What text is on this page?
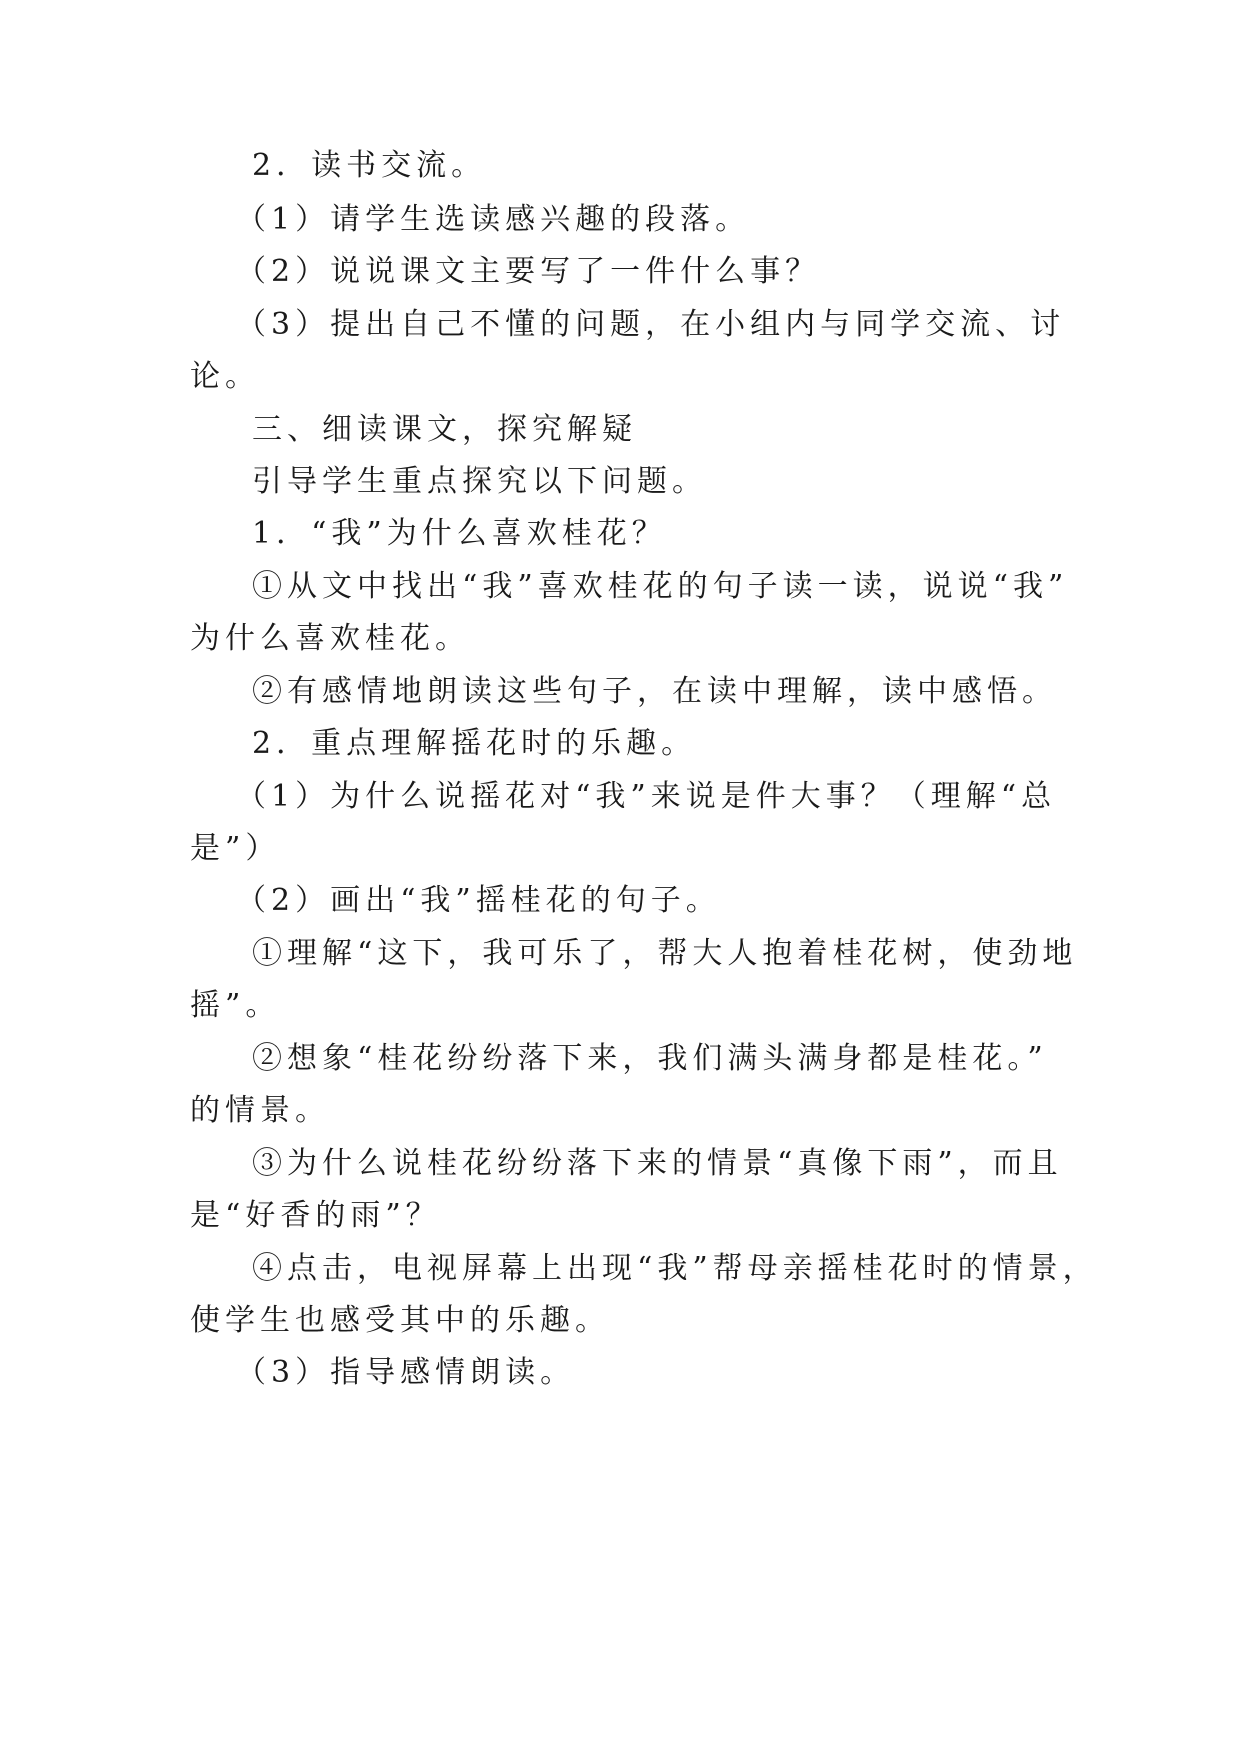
2．读书交流。
（1）请学生选读感兴趣的段落。
（2）说说课文主要写了一件什么事？
（3）提出自己不懂的问题，在小组内与同学交流、讨
论。
三、细读课文，探究解疑
引导学生重点探究以下问题。
1．“我”为什么喜欢桂花？
①从文中找出“我”喜欢桂花的句子读一读，说说“我”
为什么喜欢桂花。
②有感情地朗读这些句子，在读中理解，读中感悟。
2．重点理解摇花时的乐趣。
（1）为什么说摇花对“我”来说是件大事？（理解“总
是”）
（2）画出“我”摇桂花的句子。
①理解“这下，我可乐了，帮大人抱着桂花树，使劲地
摇”。
②想象“桂花纷纷落下来，我们满头满身都是桂花。”
的情景。
③为什么说桂花纷纷落下来的情景“真像下雨”，而且
是“好香的雨”？
④点击，电视屏幕上出现“我”帮母亲摇桂花时的情景，
使学生也感受其中的乐趣。
（3）指导感情朗读。
